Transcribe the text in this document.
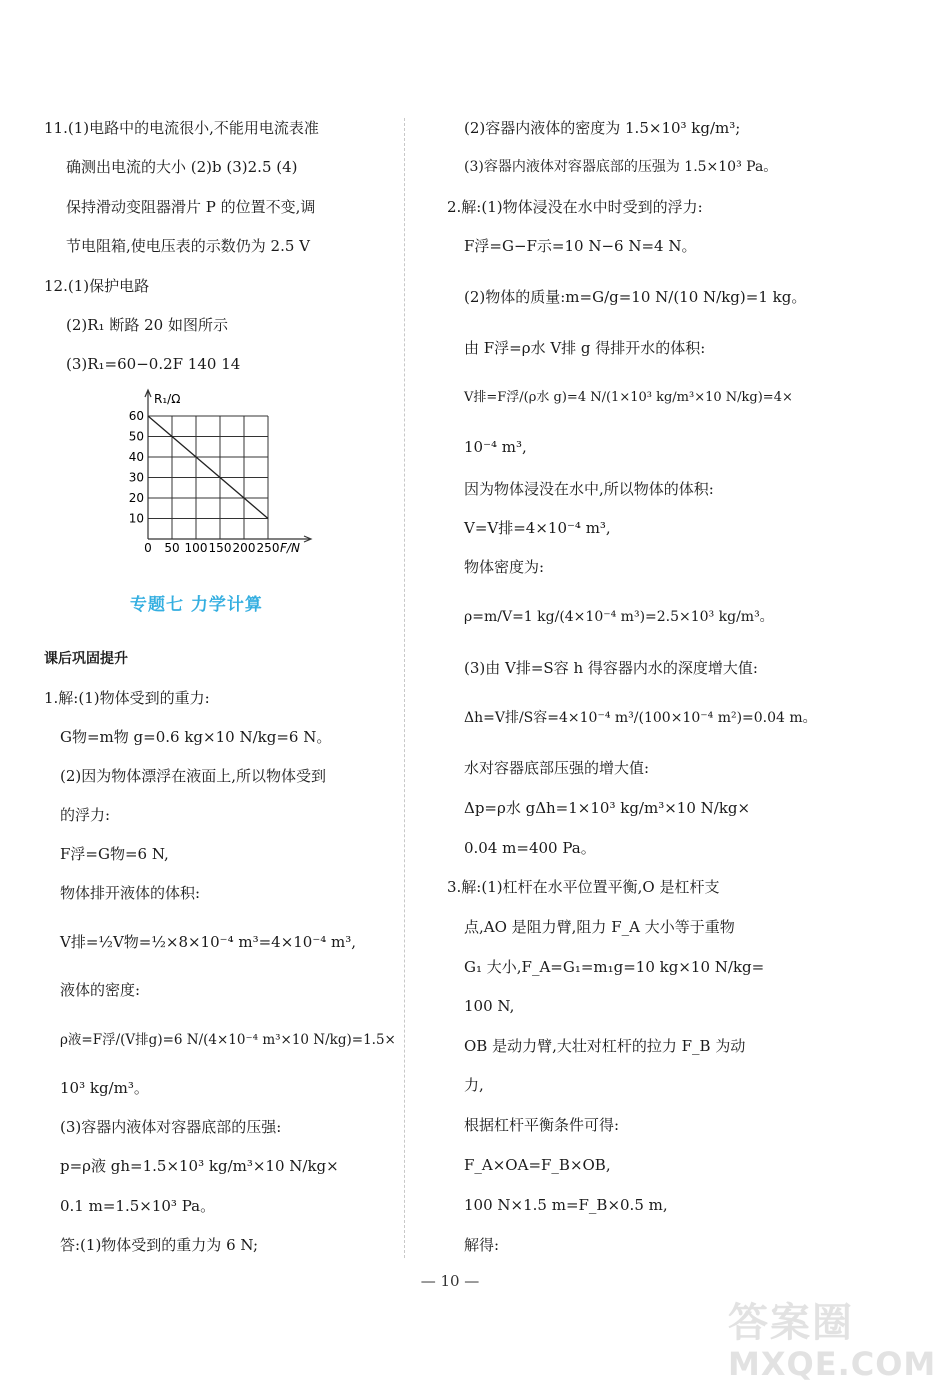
11.(1)电路中的电流很小,不能用电流表准
确测出电流的大小 (2)b (3)2.5 (4)
保持滑动变阻器滑片 P 的位置不变,调
节电阻箱,使电压表的示数仍为 2.5 V
12.(1)保护电路
(2)R₁ 断路 20 如图所示
(3)R₁=60−0.2F 140 14
R₁/Ω
F/N
60
50
40
30
20
10
0 50 100 150 200 250
专题七 力学计算
课后巩固提升
1.解:(1)物体受到的重力:
G物=m物 g=0.6 kg×10 N/kg=6 N。
(2)因为物体漂浮在液面上,所以物体受到
的浮力:
F浮=G物=6 N,
物体排开液体的体积:
V排=½V物=½×8×10⁻⁴ m³=4×10⁻⁴ m³,
液体的密度:
ρ液=F浮/(V排g)=6 N/(4×10⁻⁴ m³×10 N/kg)=1.5×
10³ kg/m³。
(3)容器内液体对容器底部的压强:
p=ρ液 gh=1.5×10³ kg/m³×10 N/kg×
0.1 m=1.5×10³ Pa。
答:(1)物体受到的重力为 6 N;
(2)容器内液体的密度为 1.5×10³ kg/m³;
(3)容器内液体对容器底部的压强为 1.5×10³ Pa。
2.解:(1)物体浸没在水中时受到的浮力:
F浮=G−F示=10 N−6 N=4 N。
(2)物体的质量:m=G/g=10 N/(10 N/kg)=1 kg。
由 F浮=ρ水 V排 g 得排开水的体积:
V排=F浮/(ρ水 g)=4 N/(1×10³ kg/m³×10 N/kg)=4×
10⁻⁴ m³,
因为物体浸没在水中,所以物体的体积:
V=V排=4×10⁻⁴ m³,
物体密度为:
ρ=m/V=1 kg/(4×10⁻⁴ m³)=2.5×10³ kg/m³。
(3)由 V排=S容 h 得容器内水的深度增大值:
Δh=V排/S容=4×10⁻⁴ m³/(100×10⁻⁴ m²)=0.04 m。
水对容器底部压强的增大值:
Δp=ρ水 gΔh=1×10³ kg/m³×10 N/kg×
0.04 m=400 Pa。
3.解:(1)杠杆在水平位置平衡,O 是杠杆支
点,AO 是阻力臂,阻力 F_A 大小等于重物
G₁ 大小,F_A=G₁=m₁g=10 kg×10 N/kg=
100 N,
OB 是动力臂,大壮对杠杆的拉力 F_B 为动
力,
根据杠杆平衡条件可得:
F_A×OA=F_B×OB,
100 N×1.5 m=F_B×0.5 m,
解得:
— 10 —
答案圈
MXQE.COM
